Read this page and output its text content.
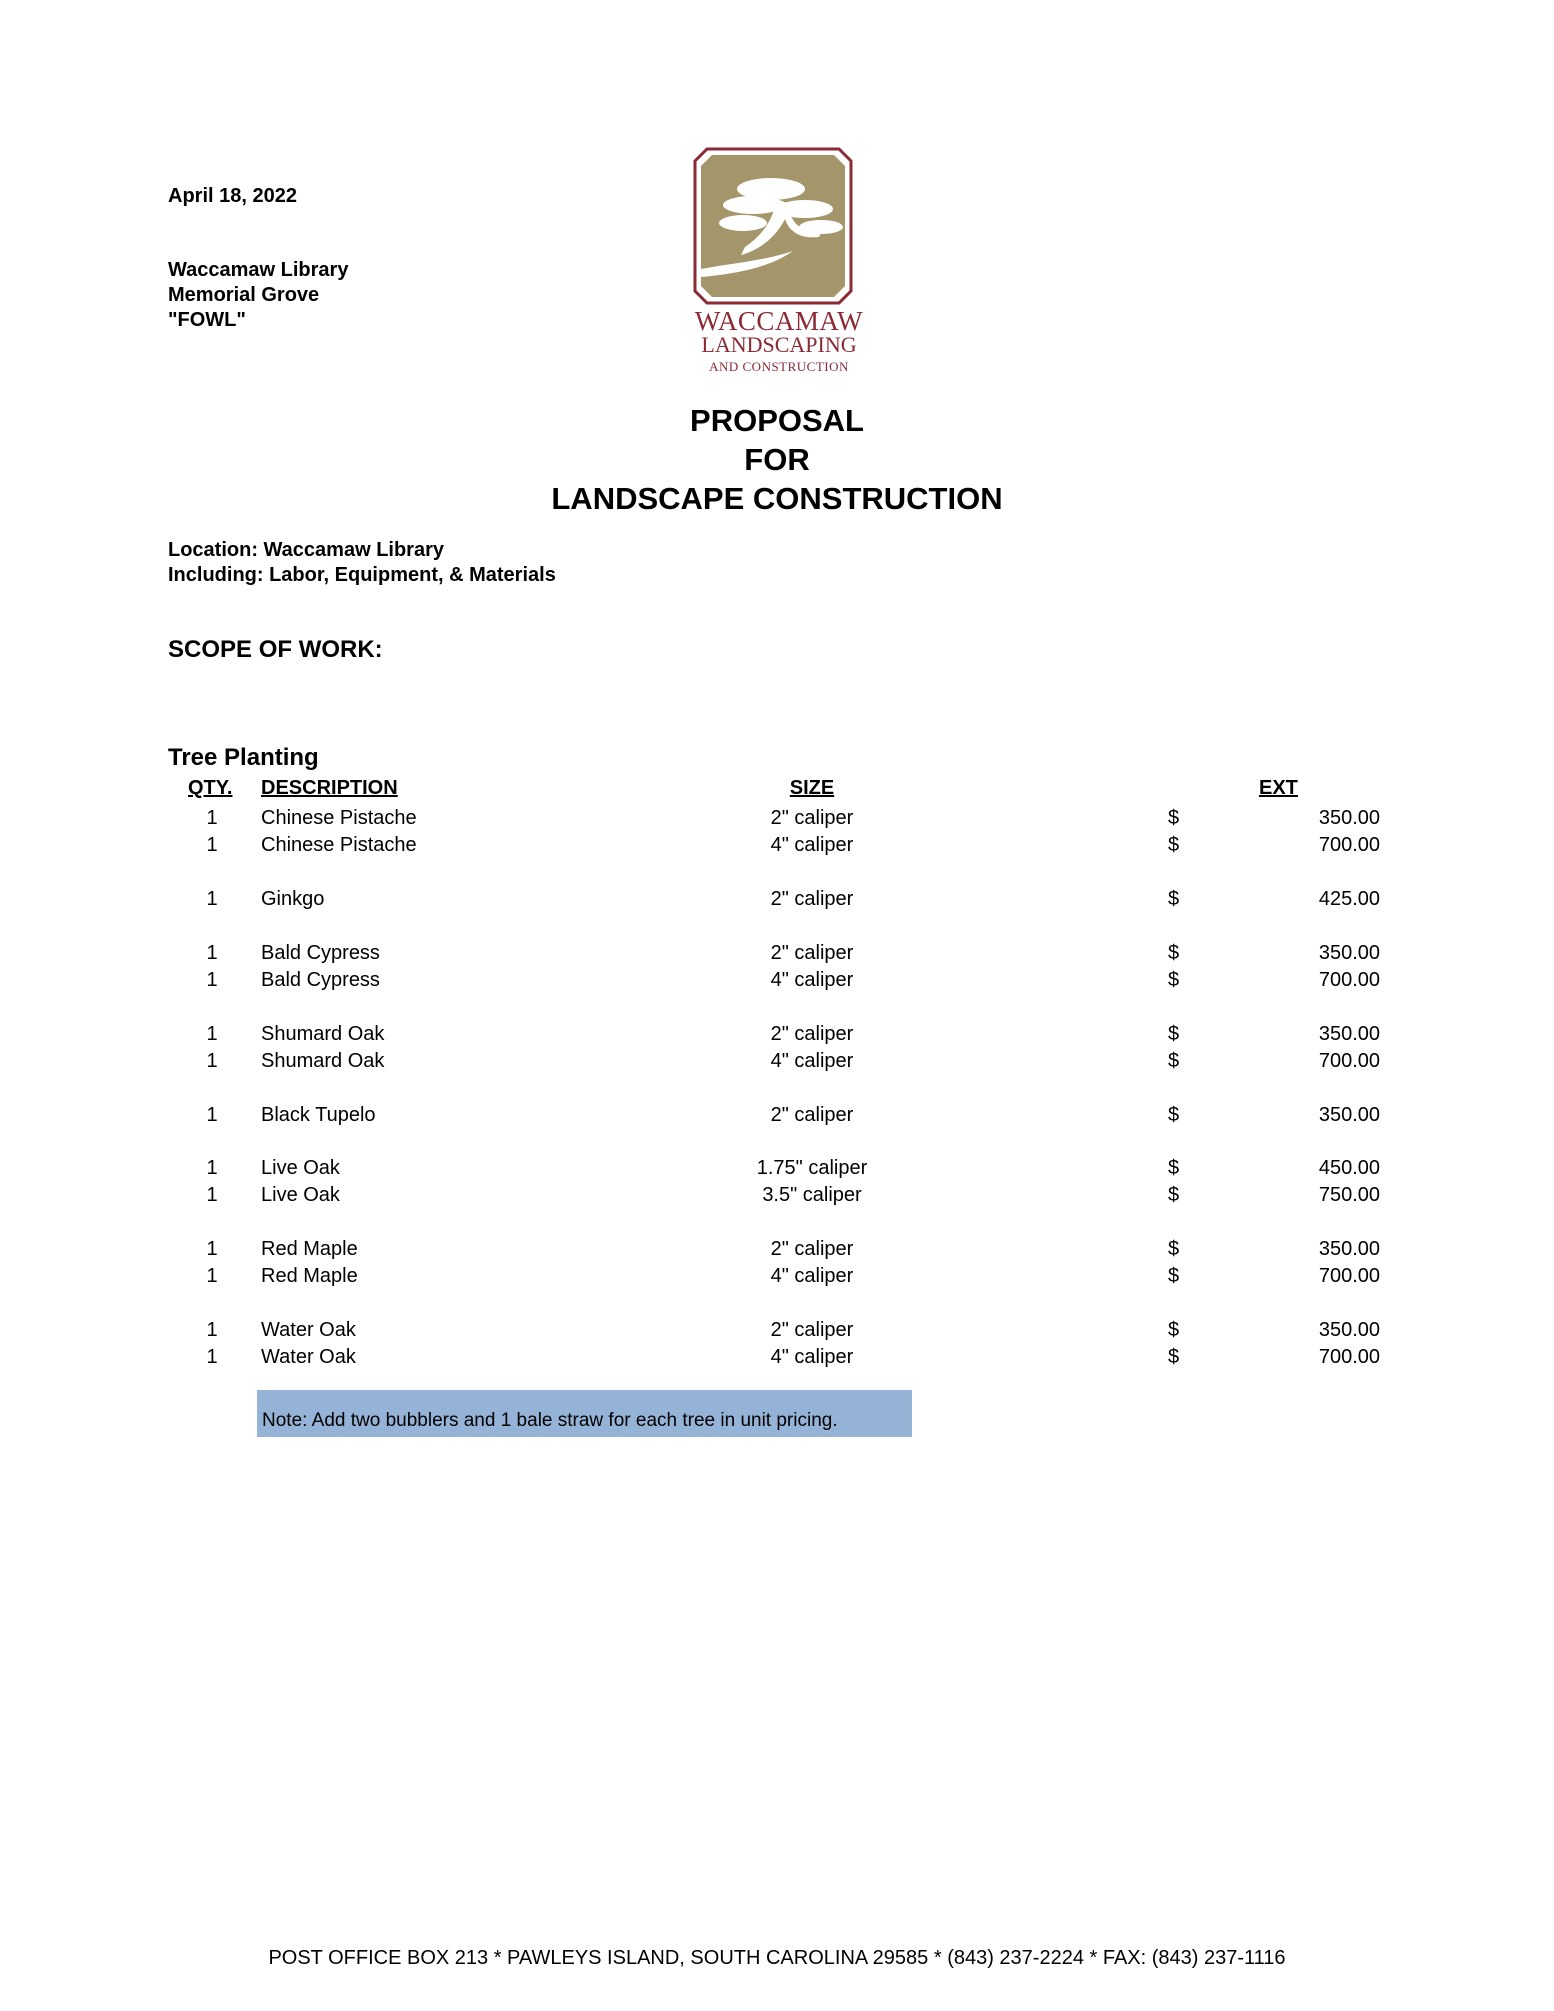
April 18, 2022
Waccamaw Library
Memorial Grove
"FOWL"	WACCAMAW
LANDSCAPING
AND CONSTRUCTION
PROPOSAL
FOR
LANDSCAPE CONSTRUCTION
Location: Waccamaw Library
Including: Labor, Equipment, & Materials
SCOPE OF WORK:
Tree Planting
QTY. DESCRIPTION	SIZE	EXT
1	Chinese Pistache	2" caliper	$	350.00
1	Chinese Pistache	4" caliper	$	700.00
1	Ginkgo	2" caliper	$	425.00
1	Bald Cypress	2" caliper	$	350.00
1	Bald Cypress	4" caliper	$	700.00
1	Shumard Oak	2" caliper	$	350.00
1	Shumard Oak	4" caliper	$	700.00
1	Black Tupelo	2" caliper	$	350.00
1	Live Oak	1.75" caliper	$	450.00
1	Live Oak	3.5" caliper	$	750.00
1	Red Maple	2" caliper	$	350.00
1	Red Maple	4" caliper	$	700.00
1	Water Oak	2" caliper	$	350.00
1	Water Oak	4" caliper	$	700.00
Note: Add two bubblers and 1 bale straw for each tree in unit pricing.
POST OFFICE BOX 213 * PAWLEYS ISLAND, SOUTH CAROLINA 29585 * (843) 237-2224 * FAX: (843) 237-1116
